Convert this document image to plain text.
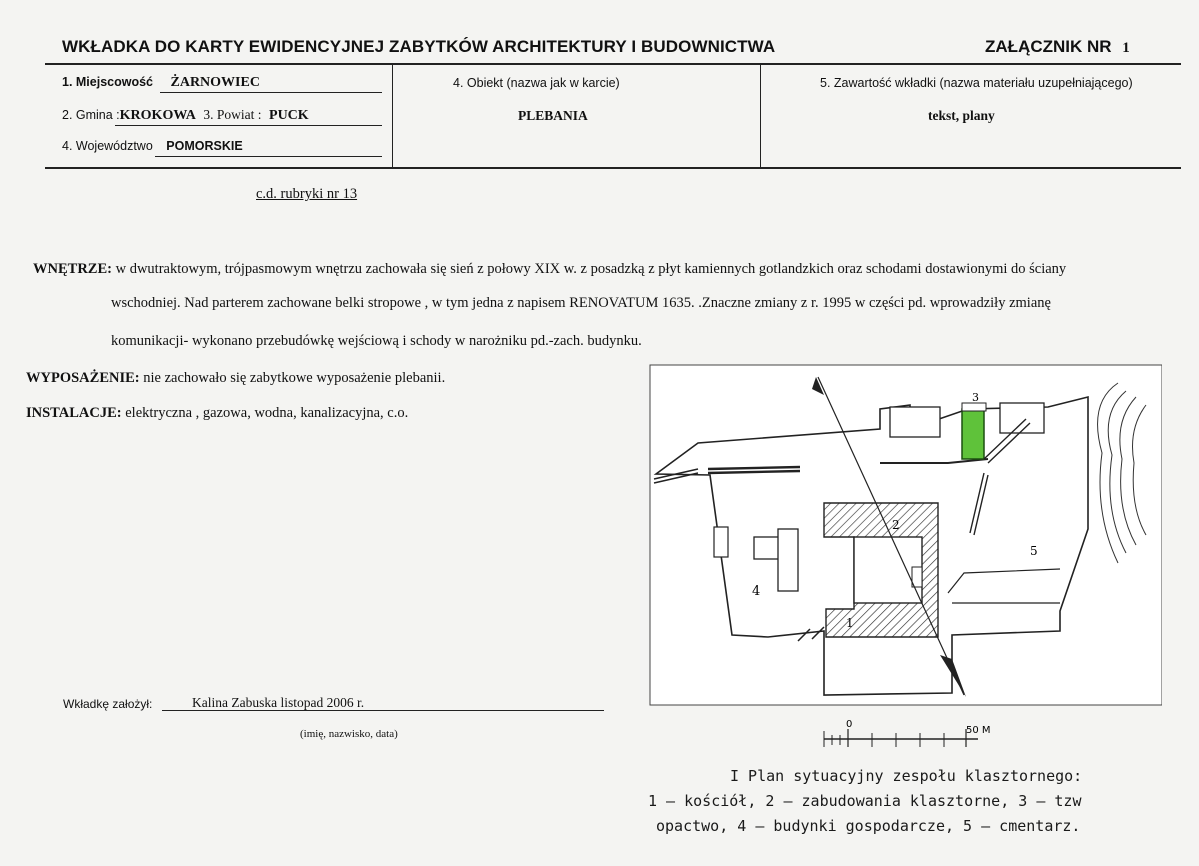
WKŁADKA DO KARTY EWIDENCYJNEJ ZABYTKÓW ARCHITEKTURY I BUDOWNICTWA	ZAŁĄCZNIK NR 1
1. Miejscowość ŻARNOWIEC
2. Gmina :KROKOWA 3. Powiat : PUCK
4. Województwo POMORSKIE
4. Obiekt (nazwa jak w karcie)
PLEBANIA
5. Zawartość wkładki (nazwa materiału uzupełniającego)
tekst, plany
c.d. rubryki nr 13
WNĘTRZE: w dwutraktowym, trójpasmowym wnętrzu zachowała się sień z połowy XIX w. z posadzką z płyt kamiennych gotlandzkich oraz schodami dostawionymi do ściany
wschodniej. Nad parterem zachowane belki stropowe , w tym jedna z napisem RENOVATUM 1635. .Znaczne zmiany z r. 1995 w części pd. wprowadziły zmianę
komunikacji- wykonano przebudówkę wejściową i schody w narożniku pd.-zach. budynku.
WYPOSAŻENIE: nie zachowało się zabytkowe wyposażenie plebanii.
INSTALACJE: elektryczna , gazowa, wodna, kanalizacyjna, c.o.
Wkładkę założył:	Kalina Zabuska listopad 2006 r.
(imię, nazwisko, data)
2
3
4
1
5
0
50 M
I Plan sytuacyjny zespołu klasztornego:
1 — kościół, 2 — zabudowania klasztorne, 3 — tzw
opactwo, 4 — budynki gospodarcze, 5 — cmentarz.
